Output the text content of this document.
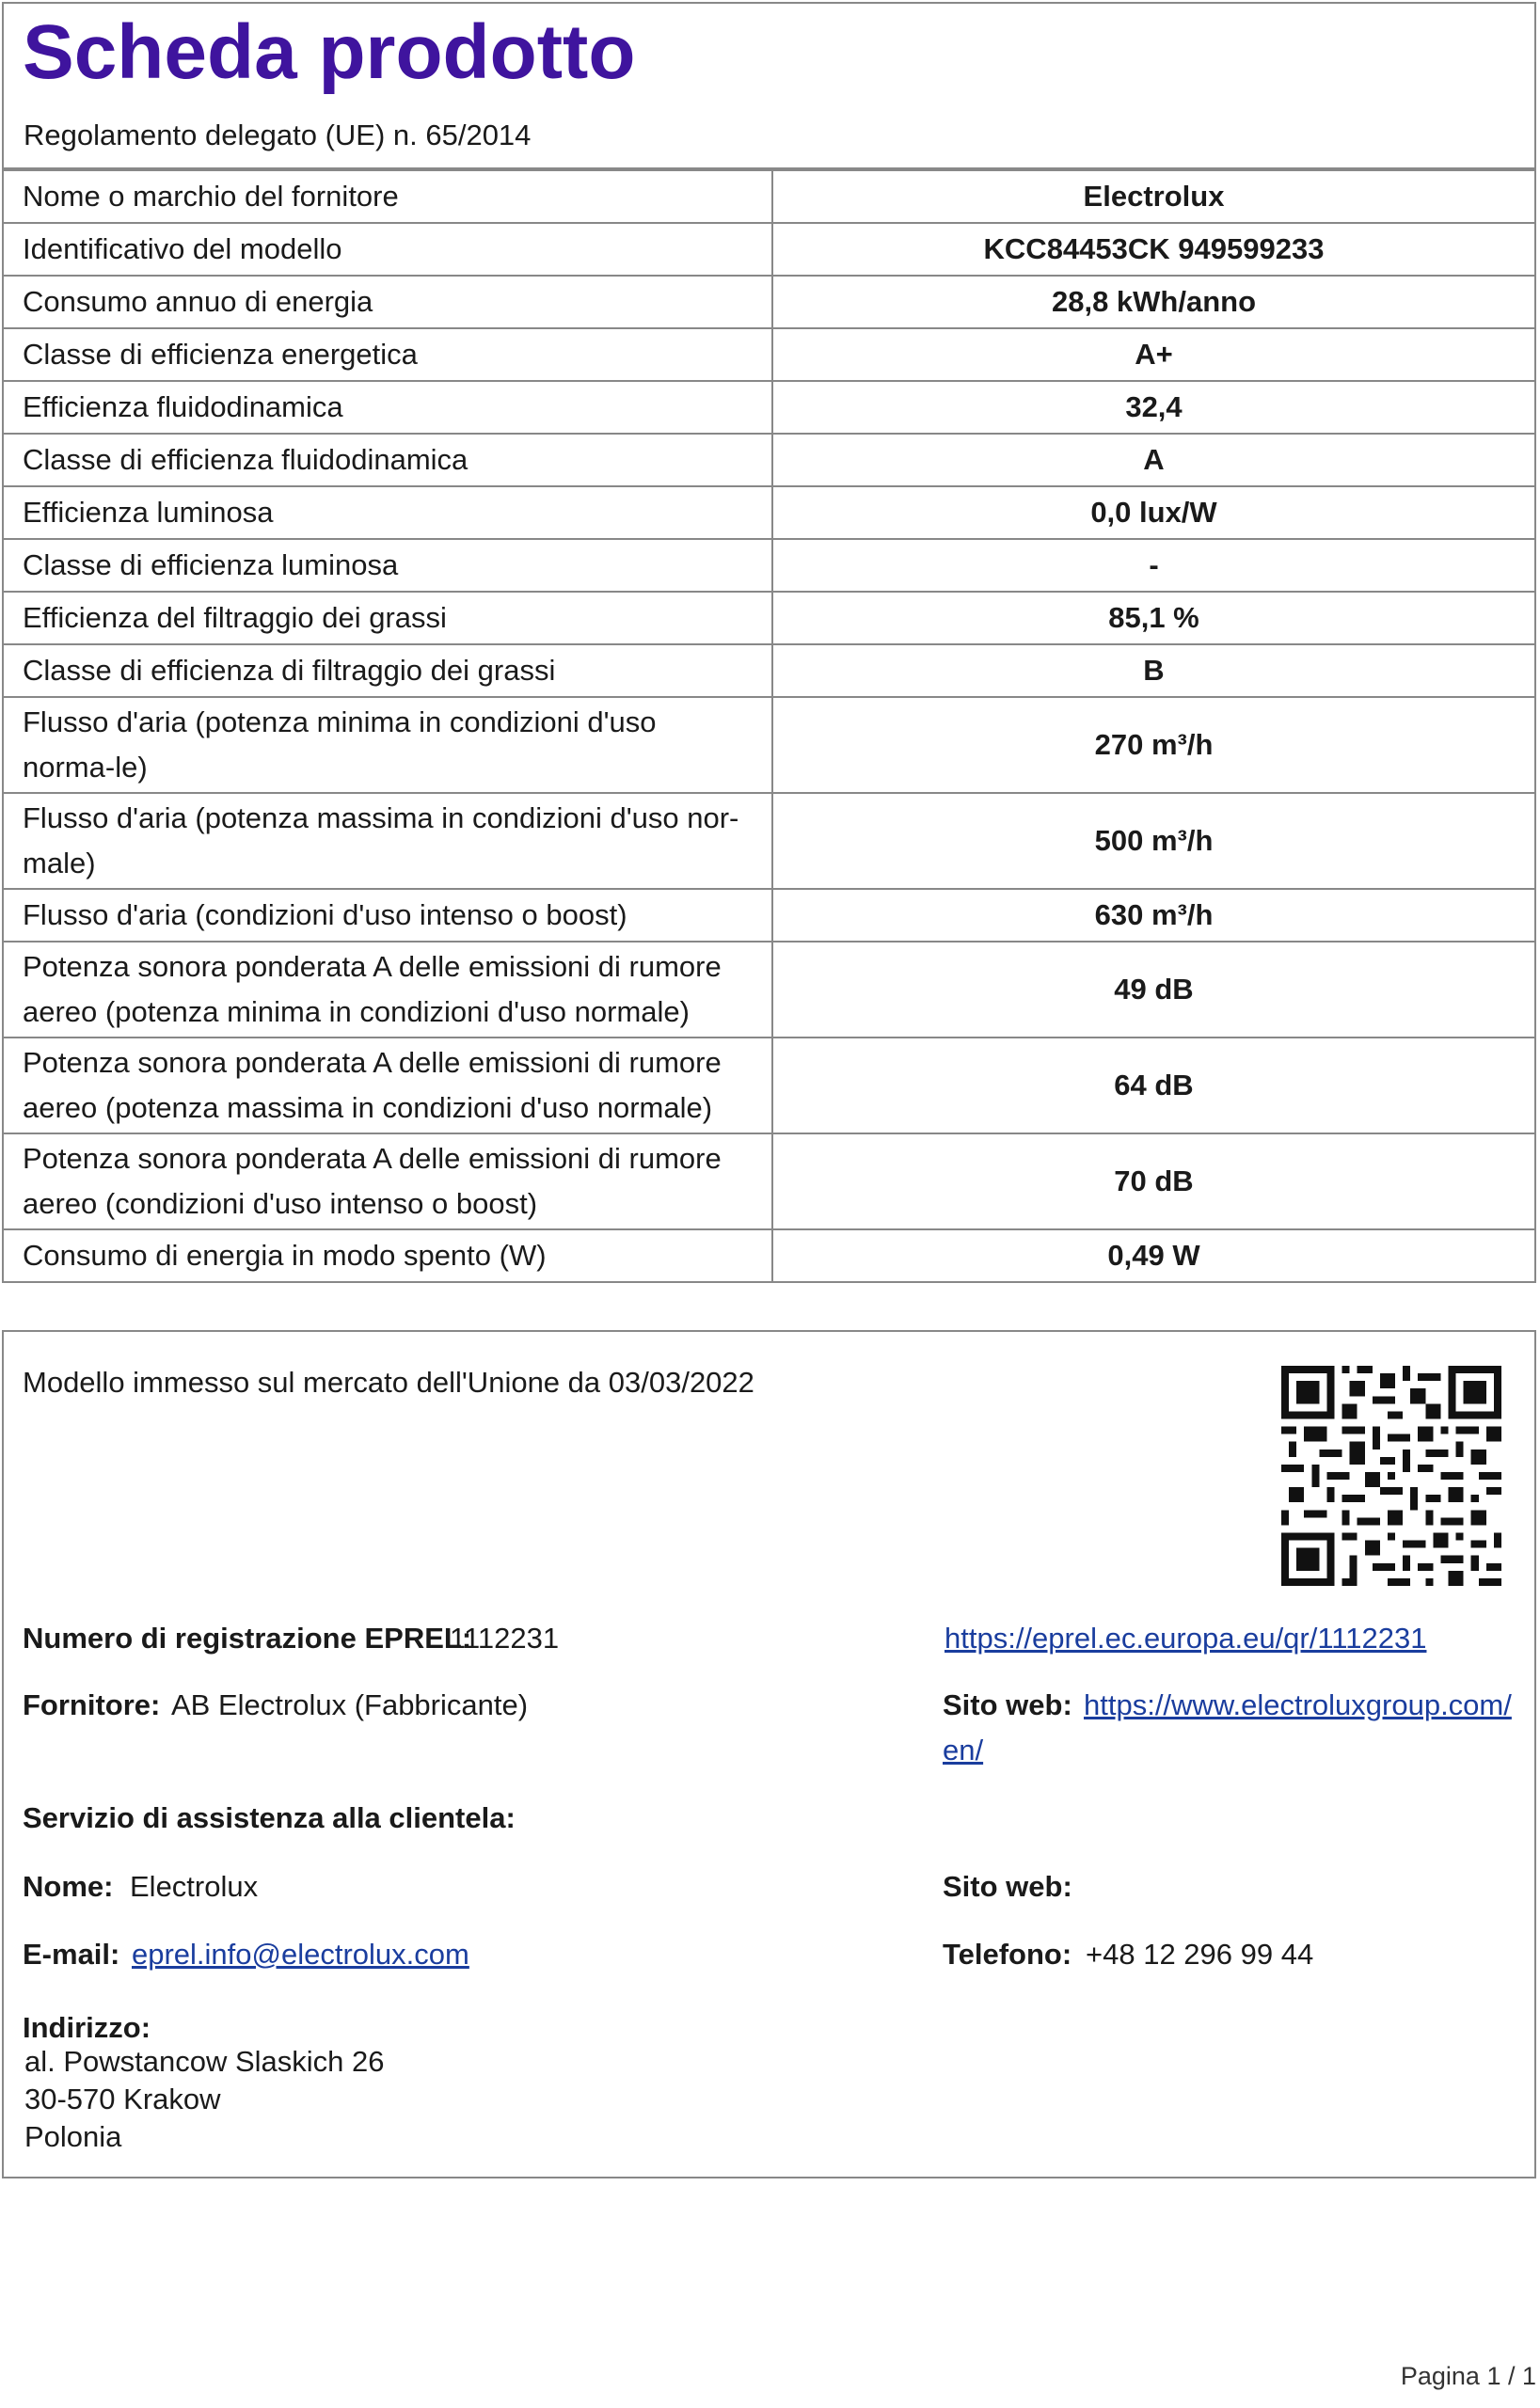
Scheda prodotto
Regolamento delegato (UE) n. 65/2014
Nome o marchio del fornitore	Electrolux
Identificativo del modello	KCC84453CK 949599233
Consumo annuo di energia	28,8 kWh/anno
Classe di efficienza energetica	A+
Efficienza fluidodinamica	32,4
Classe di efficienza fluidodinamica	A
Efficienza luminosa	0,0 lux/W
Classe di efficienza luminosa	-
Efficienza del filtraggio dei grassi	85,1 %
Classe di efficienza di filtraggio dei grassi	B
Flusso d'aria (potenza minima in condizioni d'uso norma-le)	270 m³/h
Flusso d'aria (potenza massima in condizioni d'uso nor-male)	500 m³/h
Flusso d'aria (condizioni d'uso intenso o boost)	630 m³/h
Potenza sonora ponderata A delle emissioni di rumore aereo (potenza minima in condizioni d'uso normale)	49 dB
Potenza sonora ponderata A delle emissioni di rumore aereo (potenza massima in condizioni d'uso normale)	64 dB
Potenza sonora ponderata A delle emissioni di rumore aereo (condizioni d'uso intenso o boost)	70 dB
Consumo di energia in modo spento (W)	0,49 W
Modello immesso sul mercato dell'Unione da 03/03/2022
Numero di registrazione EPREL:
1112231	https://eprel.ec.europa.eu/qr/1112231
Fornitore: AB Electrolux (Fabbricante)	Sito web: https://www.electroluxgroup.com/
en/
Servizio di assistenza alla clientela:
Nome: Electrolux	Sito web:
E-mail: eprel.info@electrolux.com	Telefono: +48 12 296 99 44
Indirizzo:
al. Powstancow Slaskich 26
30-570 Krakow
Polonia
Pagina 1 / 1
